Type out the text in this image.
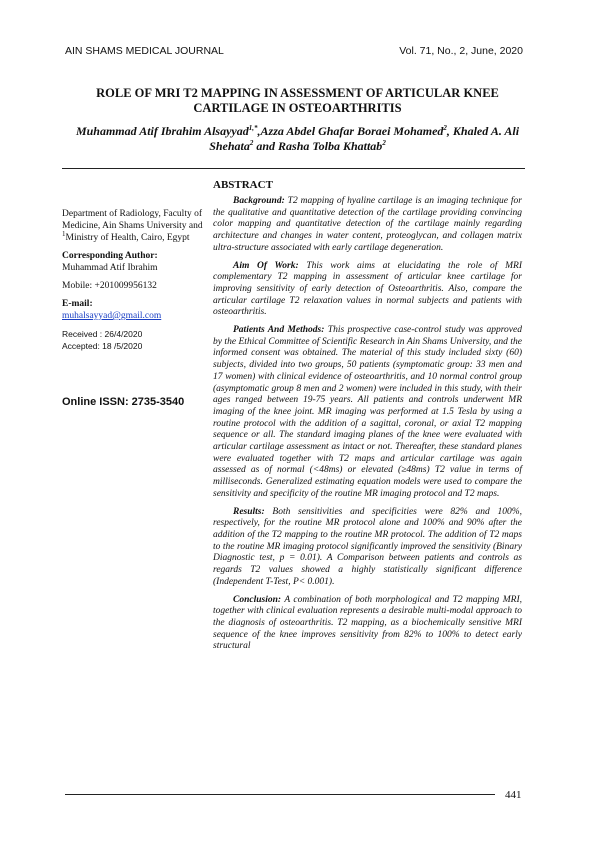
AIN SHAMS MEDICAL JOURNAL	Vol. 71, No., 2, June, 2020
ROLE OF MRI T2 MAPPING IN ASSESSMENT OF ARTICULAR KNEE CARTILAGE IN OSTEOARTHRITIS
Muhammad Atif Ibrahim Alsayyad$^{1,*}$,Azza Abdel Ghafar Boraei Mohamed$^2$, Khaled A. Ali Shehata$^2$ and Rasha Tolba Khattab$^2$
Department of Radiology, Faculty of Medicine, Ain Shams University and $^1$Ministry of Health, Cairo, Egypt
Corresponding Author:
Muhammad Atif Ibrahim
Mobile: +201009956132
E-mail:
muhalsayyad@gmail.com
Received : 26/4/2020
Accepted: 18 /5/2020
Online ISSN: 2735-3540
ABSTRACT

Background: T2 mapping of hyaline cartilage is an imaging technique for the qualitative and quantitative detection of the cartilage providing convincing color mapping and quantitative detection of the cartilage mainly regarding architecture and changes in water content, proteoglycan, and collagen matrix ultra-structure associated with early cartilage degeneration.

Aim Of Work: This work aims at elucidating the role of MRI complementary T2 mapping in assessment of articular knee cartilage for improving sensitivity of early detection of Osteoarthritis. Also, compare the articular cartilage T2 relaxation values in normal subjects and patients with osteoarthritis.

Patients And Methods: This prospective case-control study was approved by the Ethical Committee of Scientific Research in Ain Shams University, and the informed consent was obtained. The material of this study included sixty (60) subjects, divided into two groups, 50 patients (symptomatic group: 33 men and 17 women) with clinical evidence of osteoarthritis, and 10 normal control group (asymptomatic group 8 men and 2 women) were included in this study, with their ages ranged between 19-75 years. All patients and controls underwent MR imaging of the knee joint. MR imaging was performed at 1.5 Tesla by using a routine protocol with the addition of a sagittal, coronal, or axial T2 mapping sequence or all. The standard imaging planes of the knee were evaluated with articular cartilage assessment as intact or not. Thereafter, these standard planes were evaluated together with T2 maps and articular cartilage was again assessed as of normal (<48ms) or elevated (≥48ms) T2 value in terms of milliseconds. Generalized estimating equation models were used to compare the sensitivity and specificity of the routine MR imaging protocol and T2 maps.

Results: Both sensitivities and specificities were 82% and 100%, respectively, for the routine MR protocol alone and 100% and 90% after the addition of the T2 mapping to the routine MR protocol. The addition of T2 maps to the routine MR imaging protocol significantly improved the sensitivity (Binary Diagnostic test, p = 0.01). A Comparison between patients and controls as regards T2 values showed a highly statistically significant difference (Independent T-Test, P< 0.001).

Conclusion: A combination of both morphological and T2 mapping MRI, together with clinical evaluation represents a desirable multi-modal approach to the diagnosis of osteoarthritis. T2 mapping, as a biochemically sensitive MRI sequence of the knee improves sensitivity from 82% to 100% to detect early structural

441
